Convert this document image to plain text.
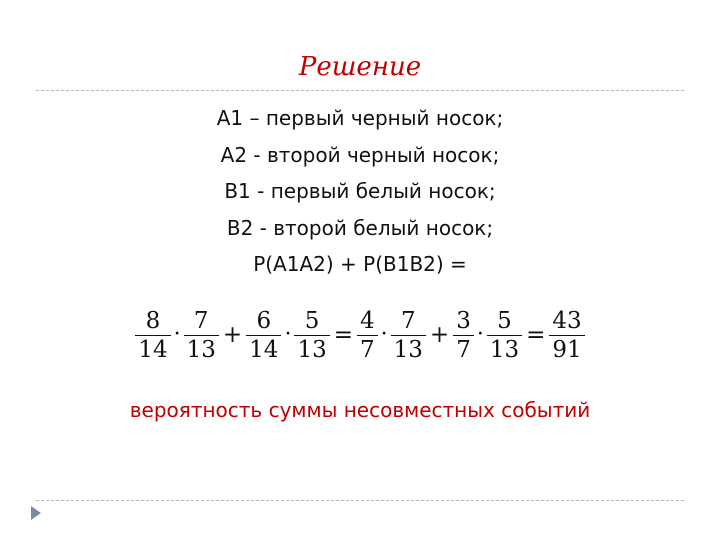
Решение
A1 – первый черный носок;
A2 - второй черный носок;
B1 - первый белый носок;
B2 - второй белый носок;
P(A1A2) + P(B1B2) =
$\frac{8}{14} \cdot \frac{7}{13} + \frac{6}{14} \cdot \frac{5}{13} = \frac{4}{7} \cdot \frac{7}{13} + \frac{3}{7} \cdot \frac{5}{13} = \frac{43}{91}$
вероятность суммы несовместных событий
